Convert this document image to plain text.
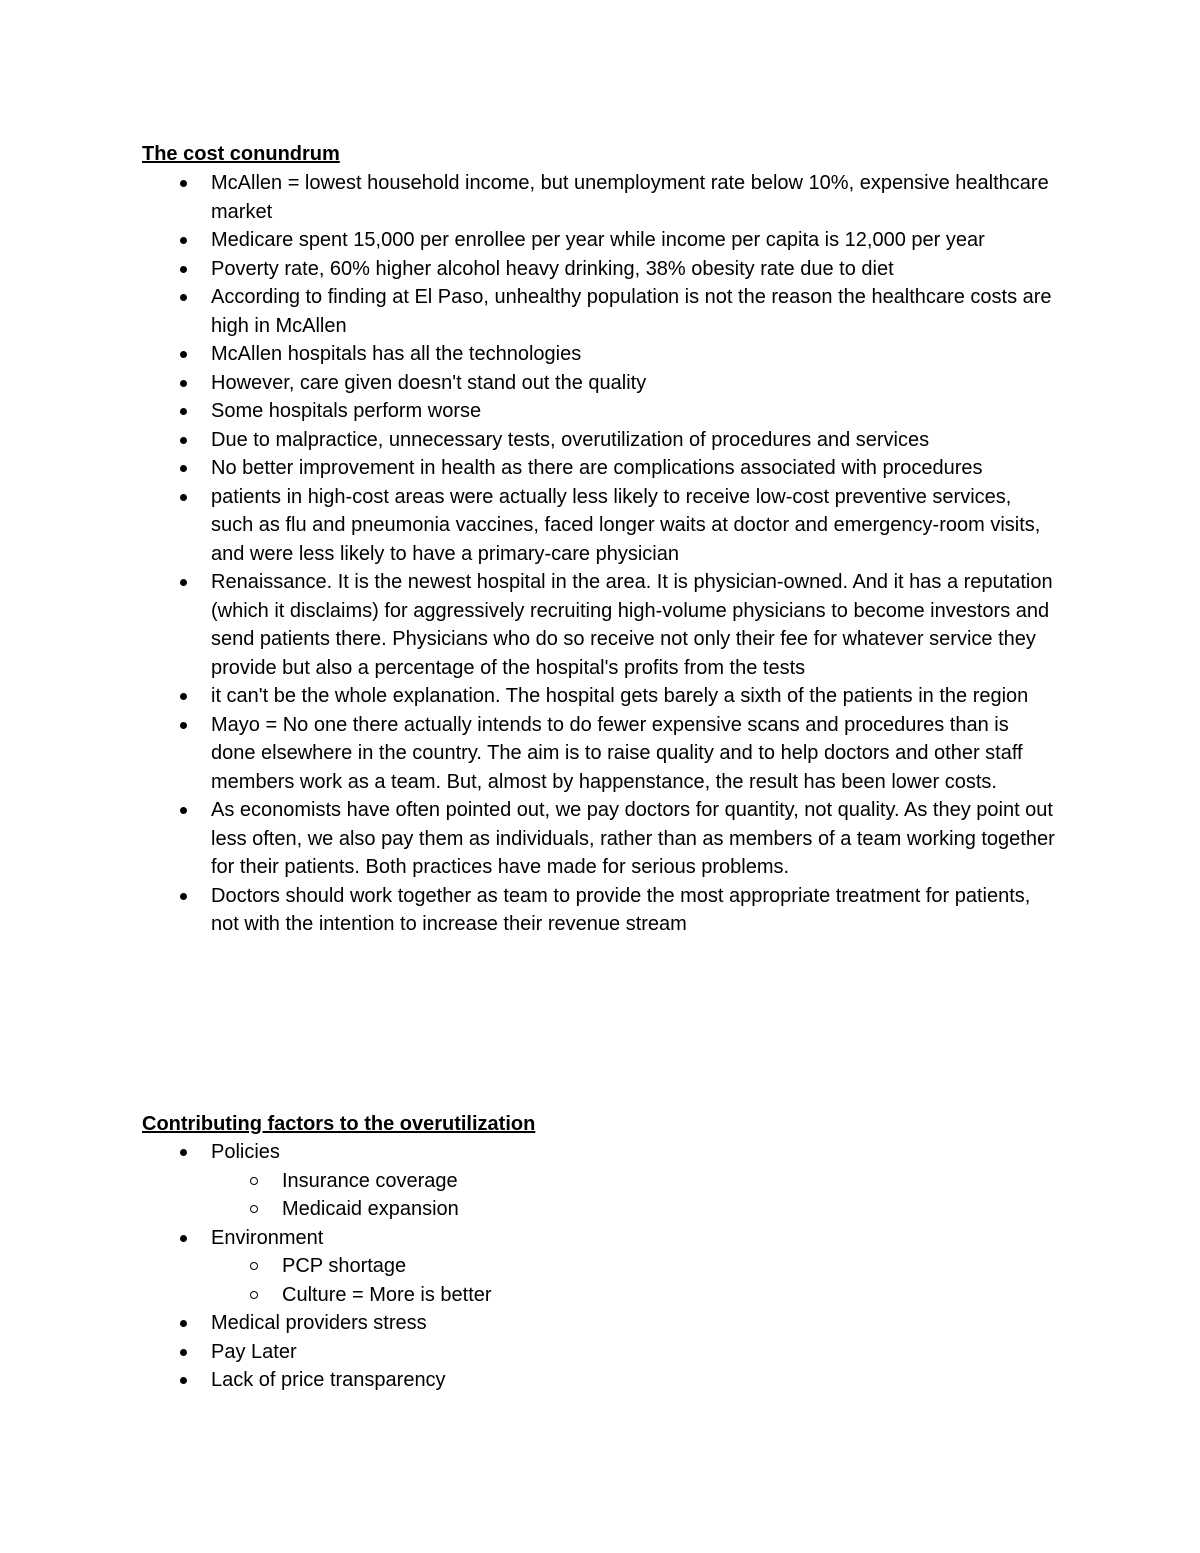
The cost conundrum
McAllen = lowest household income, but unemployment rate below 10%, expensive healthcare market
Medicare spent 15,000 per enrollee per year while income per capita is 12,000 per year
Poverty rate, 60% higher alcohol heavy drinking, 38% obesity rate due to diet
According to finding at El Paso, unhealthy population is not the reason the healthcare costs are high in McAllen
McAllen hospitals has all the technologies
However, care given doesn't stand out the quality
Some hospitals perform worse
Due to malpractice, unnecessary tests, overutilization of procedures and services
No better improvement in health as there are complications associated with procedures
patients in high-cost areas were actually less likely to receive low-cost preventive services, such as flu and pneumonia vaccines, faced longer waits at doctor and emergency-room visits, and were less likely to have a primary-care physician
Renaissance. It is the newest hospital in the area. It is physician-owned. And it has a reputation (which it disclaims) for aggressively recruiting high-volume physicians to become investors and send patients there. Physicians who do so receive not only their fee for whatever service they provide but also a percentage of the hospital's profits from the tests
it can't be the whole explanation. The hospital gets barely a sixth of the patients in the region
Mayo = No one there actually intends to do fewer expensive scans and procedures than is done elsewhere in the country. The aim is to raise quality and to help doctors and other staff members work as a team. But, almost by happenstance, the result has been lower costs.
As economists have often pointed out, we pay doctors for quantity, not quality. As they point out less often, we also pay them as individuals, rather than as members of a team working together for their patients. Both practices have made for serious problems.
Doctors should work together as team to provide the most appropriate treatment for patients, not with the intention to increase their revenue stream
Contributing factors to the overutilization
Policies
Insurance coverage
Medicaid expansion
Environment
PCP shortage
Culture = More is better
Medical providers stress
Pay Later
Lack of price transparency
